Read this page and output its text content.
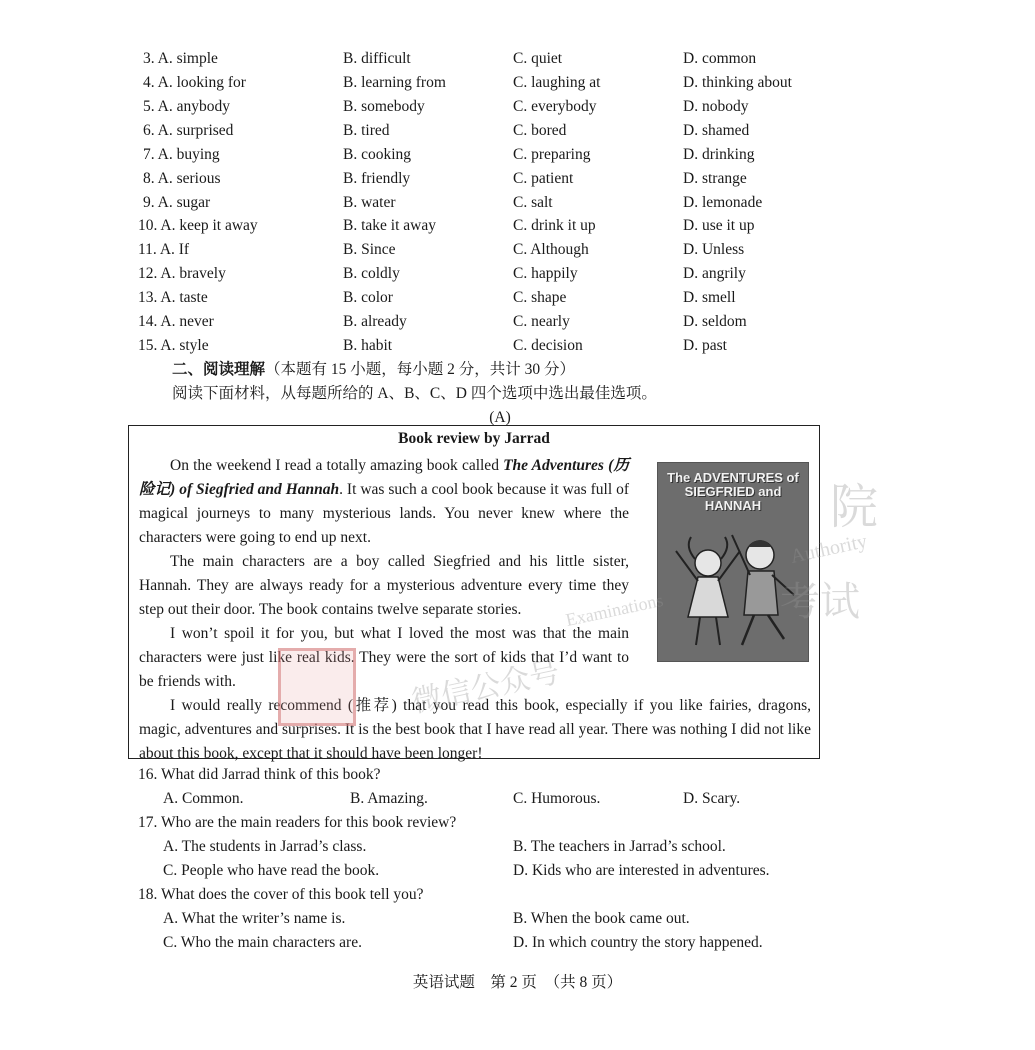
3. A. simple	B. difficult	C. quiet	D. common
4. A. looking for	B. learning from	C. laughing at	D. thinking about
5. A. anybody	B. somebody	C. everybody	D. nobody
6. A. surprised	B. tired	C. bored	D. shamed
7. A. buying	B. cooking	C. preparing	D. drinking
8. A. serious	B. friendly	C. patient	D. strange
9. A. sugar	B. water	C. salt	D. lemonade
10. A. keep it away	B. take it away	C. drink it up	D. use it up
11. A. If	B. Since	C. Although	D. Unless
12. A. bravely	B. coldly	C. happily	D. angrily
13. A. taste	B. color	C. shape	D. smell
14. A. never	B. already	C. nearly	D. seldom
15. A. style	B. habit	C. decision	D. past
二、阅读理解（本题有 15 小题，每小题 2 分，共计 30 分）
阅读下面材料，从每题所给的 A、B、C、D 四个选项中选出最佳选项。
(A)
Book review by Jarrad
On the weekend I read a totally amazing book called The Adventures (历险记) of Siegfried and Hannah. It was such a cool book because it was full of magical journeys to many mysterious lands. You never knew where the characters were going to end up next.
The main characters are a boy called Siegfried and his little sister, Hannah. They are always ready for a mysterious adventure every time they step out their door. The book contains twelve separate stories.
I won’t spoil it for you, but what I loved the most was that the main characters were just like real kids. They were the sort of kids that I’d want to be friends with.
I would really recommend (推荐) that you read this book, especially if you like fairies, dragons, magic, adventures and surprises. It is the best book that I have read all year. There was nothing I did not like about this book, except that it should have been longer!
The ADVENTURES of
SIEGFRIED and
HANNAH	院
考试
微信公众号
Authority
Examinations
16. What did Jarrad think of this book?
A. Common.	B. Amazing.	C. Humorous.	D. Scary.
17. Who are the main readers for this book review?
A. The students in Jarrad’s class.	B. The teachers in Jarrad’s school.
C. People who have read the book.	D. Kids who are interested in adventures.
18. What does the cover of this book tell you?
A. What the writer’s name is.	B. When the book came out.
C. Who the main characters are.	D. In which country the story happened.
英语试题　第 2 页　（共 8 页）
